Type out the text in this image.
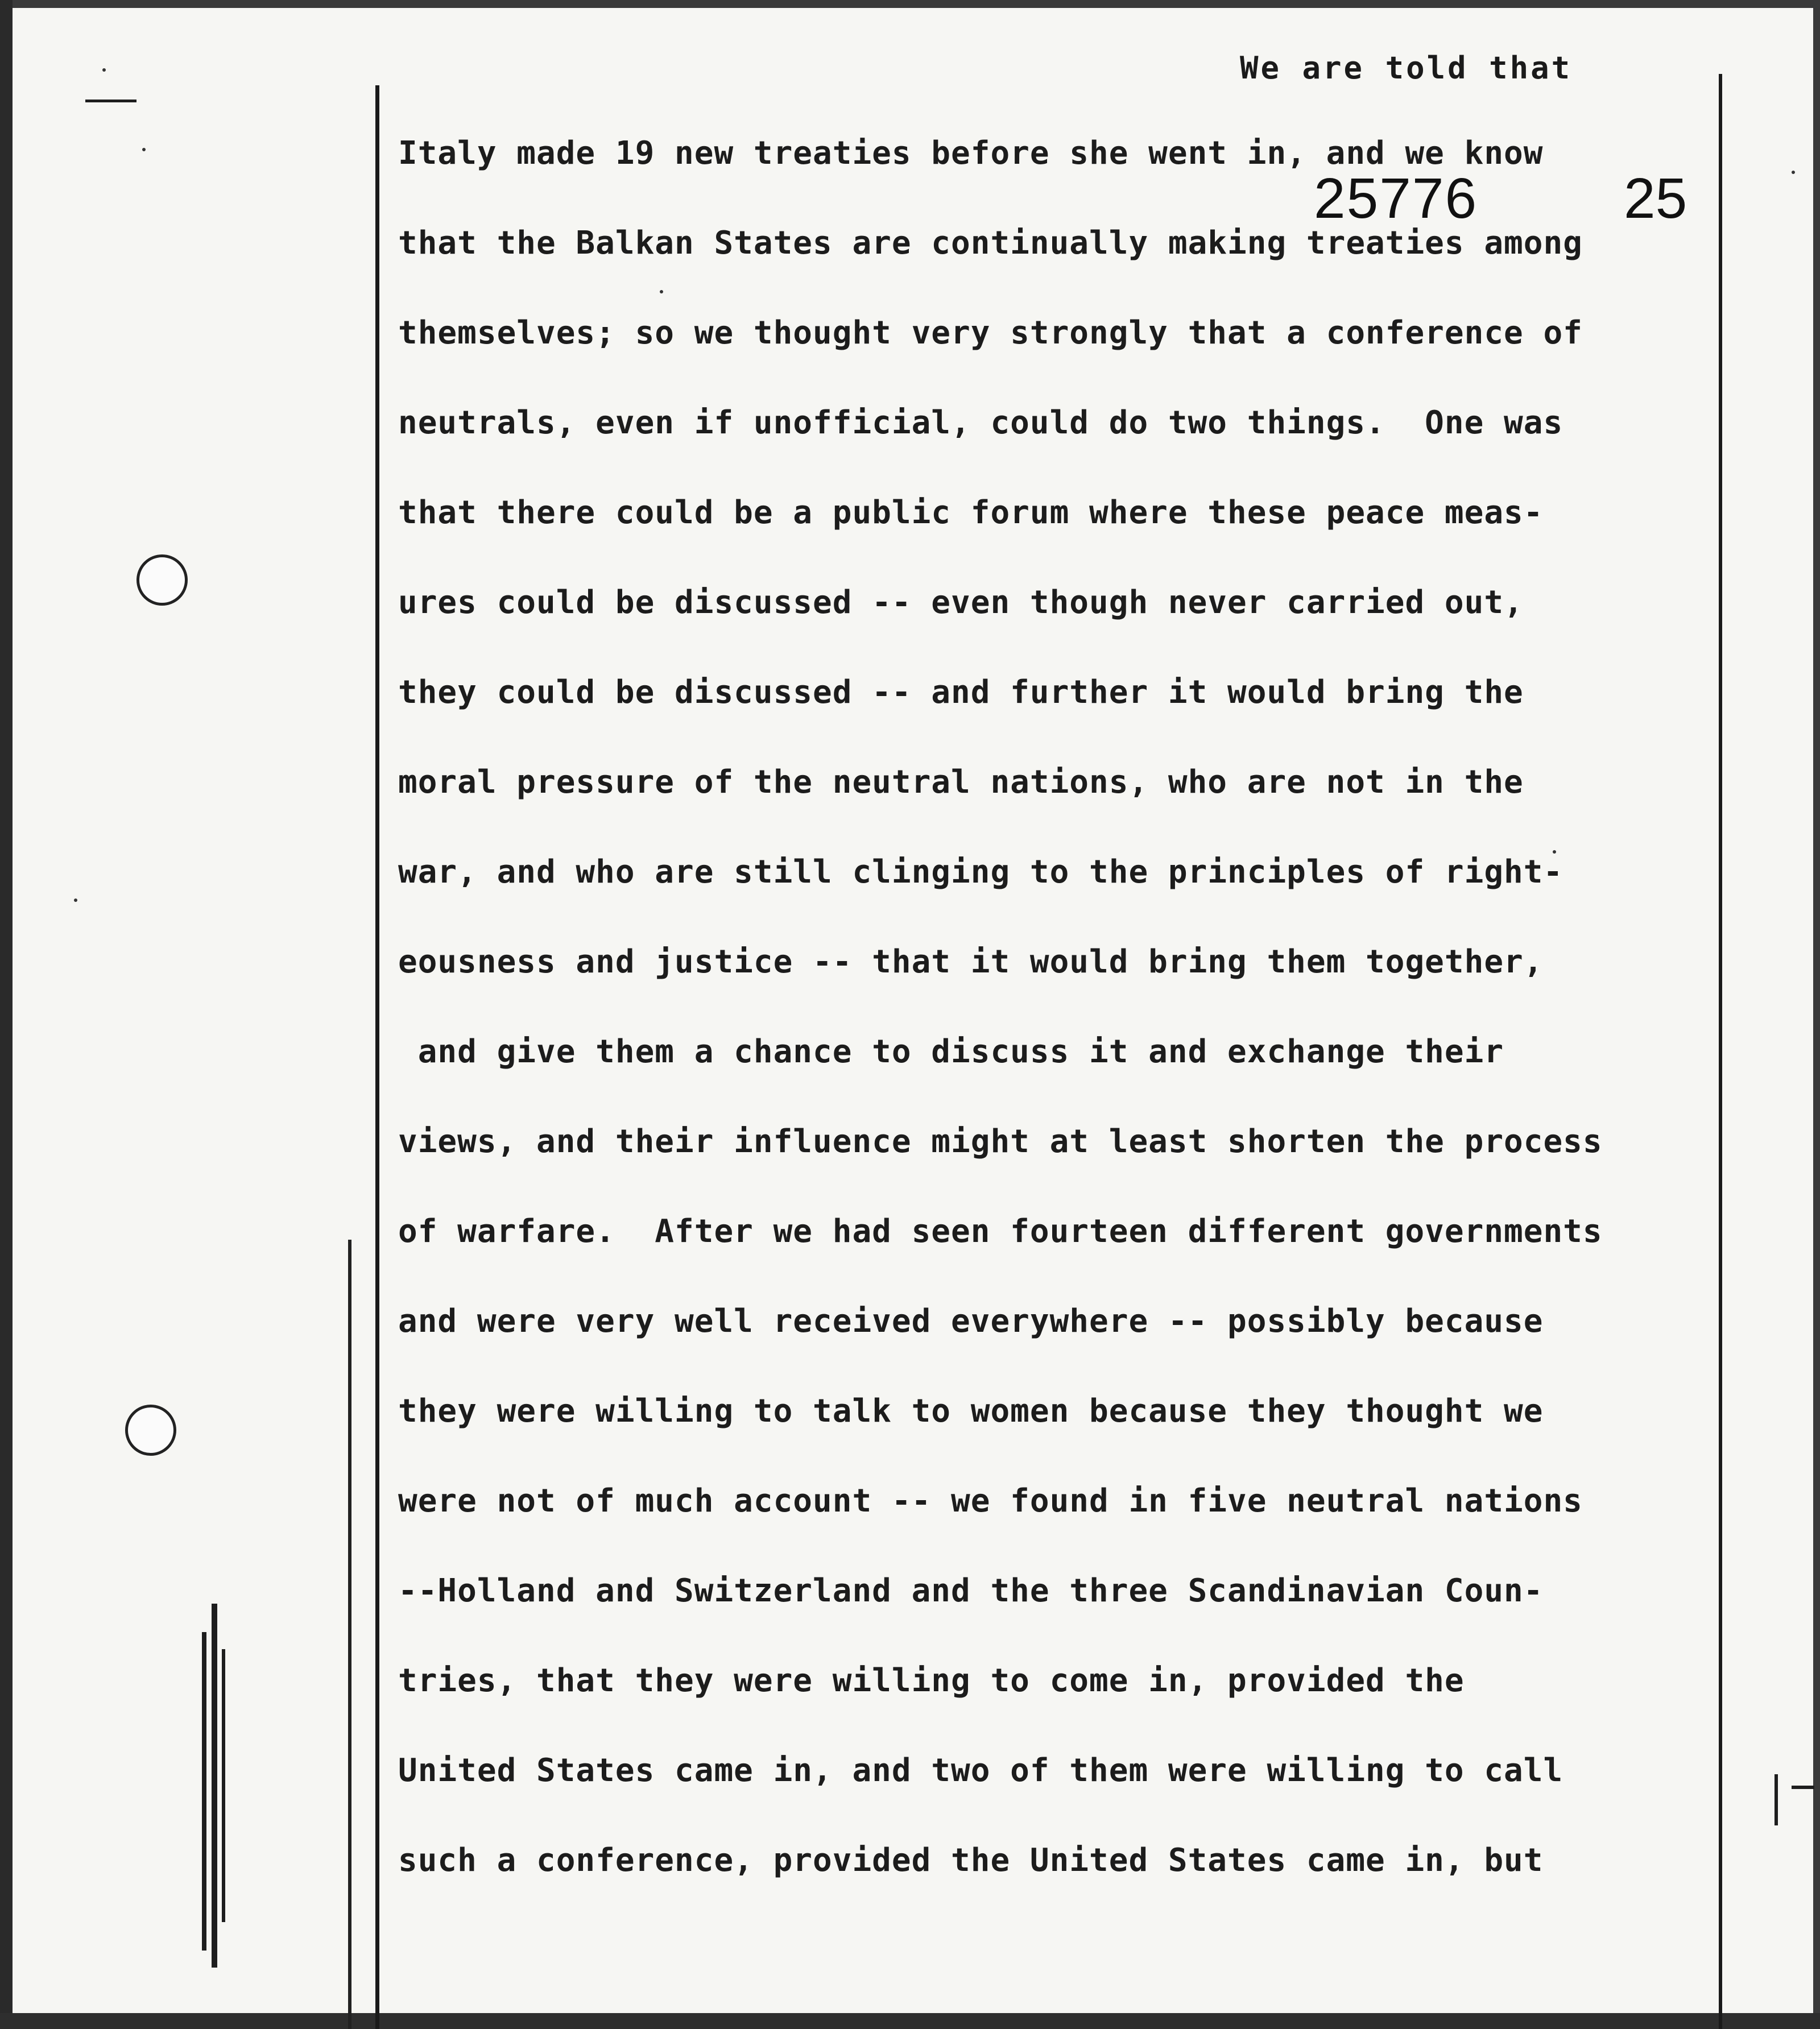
We are told that
25776	25
Italy made 19 new treaties before she went in, and we know
that the Balkan States are continually making treaties among
themselves; so we thought very strongly that a conference of
neutrals, even if unofficial, could do two things.  One was
that there could be a public forum where these peace meas-
ures could be discussed -- even though never carried out,
they could be discussed -- and further it would bring the
moral pressure of the neutral nations, who are not in the
war, and who are still clinging to the principles of right-
eousness and justice -- that it would bring them together,
and give them a chance to discuss it and exchange their
views, and their influence might at least shorten the process
of warfare.  After we had seen fourteen different governments
and were very well received everywhere -- possibly because
they were willing to talk to women because they thought we
were not of much account -- we found in five neutral nations
--Holland and Switzerland and the three Scandinavian Coun-
tries, that they were willing to come in, provided the
United States came in, and two of them were willing to call
such a conference, provided the United States came in, but
